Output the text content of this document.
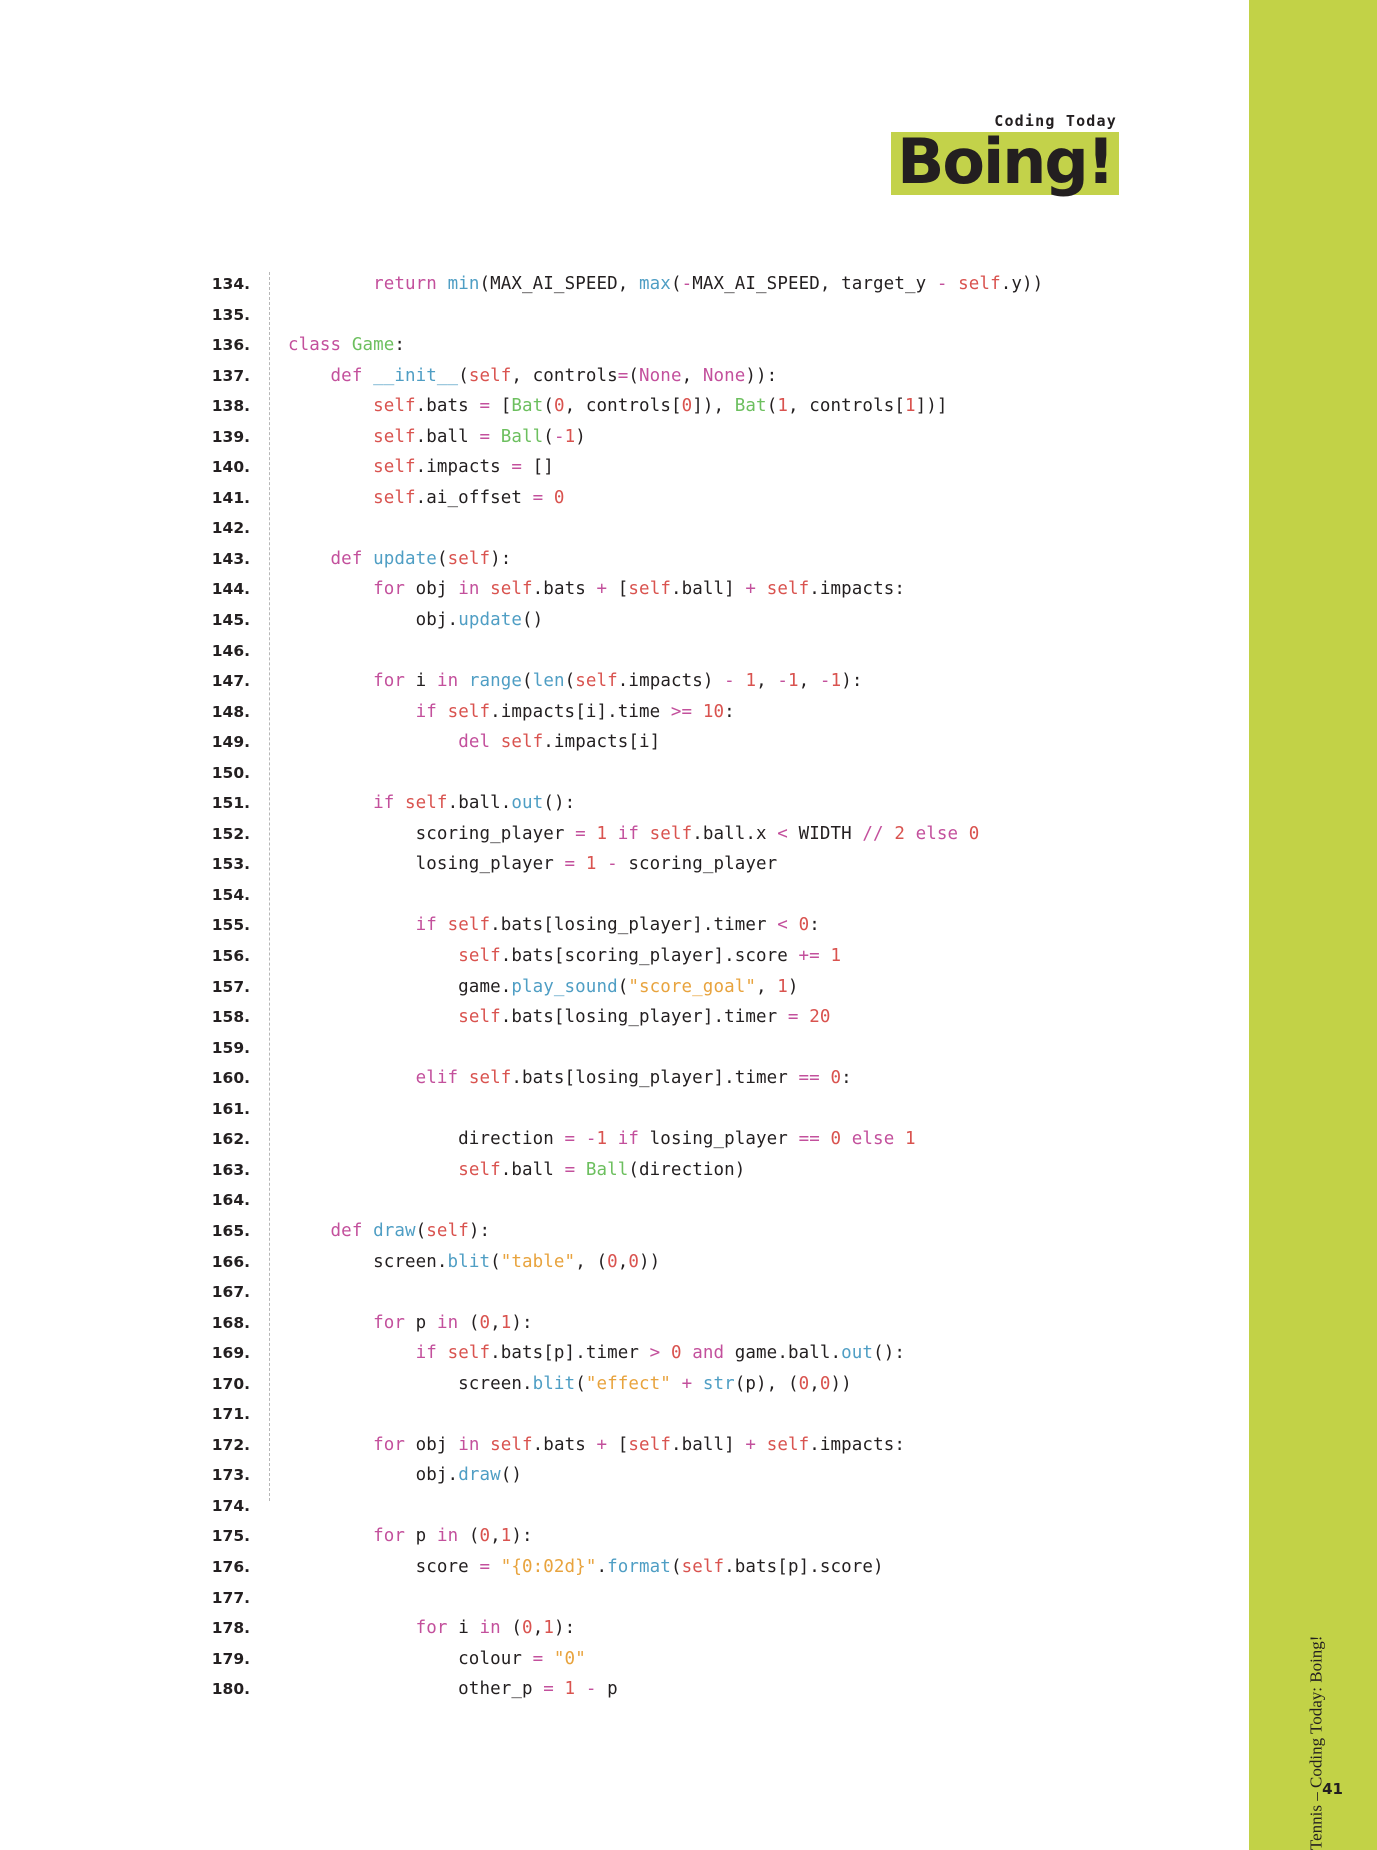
Coding Today
Boing!
134.	return min(MAX_AI_SPEED, max(-MAX_AI_SPEED, target_y - self.y))
135.

136. class Game:
137.	def __init__(self, controls=(None, None)):
138.	self.bats = [Bat(0, controls[0]), Bat(1, controls[1])]
139.	self.ball = Ball(-1)
140.	self.impacts = []
141.	self.ai_offset = 0
142.

143.	def update(self):
144.	for obj in self.bats + [self.ball] + self.impacts:
145. obj.update()
146.

147.	for i in range(len(self.impacts) - 1, -1, -1):
148.	if self.impacts[i].time >= 10:
149.	del self.impacts[i]
150.

151.	if self.ball.out():
152. scoring_player = 1 if self.ball.x < WIDTH // 2 else 0
153. losing_player = 1 - scoring_player
154.

155.	if self.bats[losing_player].timer < 0:
156.	self.bats[scoring_player].score += 1
157. game.play_sound("score_goal", 1)
158.	self.bats[losing_player].timer = 20
159.

160.	elif self.bats[losing_player].timer == 0:
161.

162. direction = -1 if losing_player == 0 else 1
163.	self.ball = Ball(direction)
164.

165.	def draw(self):
166. screen.blit("table", (0,0))
167.

168.	for p in (0,1):
169.	if self.bats[p].timer > 0 and game.ball.out():
170. screen.blit("effect" + str(p), (0,0))
171.

172.	for obj in self.bats + [self.ball] + self.impacts:
173. obj.draw()
174.

175.	for p in (0,1):
176. score = "{0:02d}".format(self.bats[p].score)
177.

178.	for i in (0,1):
179. colour = "0"
180. other_p = 1 - p	Tennis – Coding Today: Boing!
41
